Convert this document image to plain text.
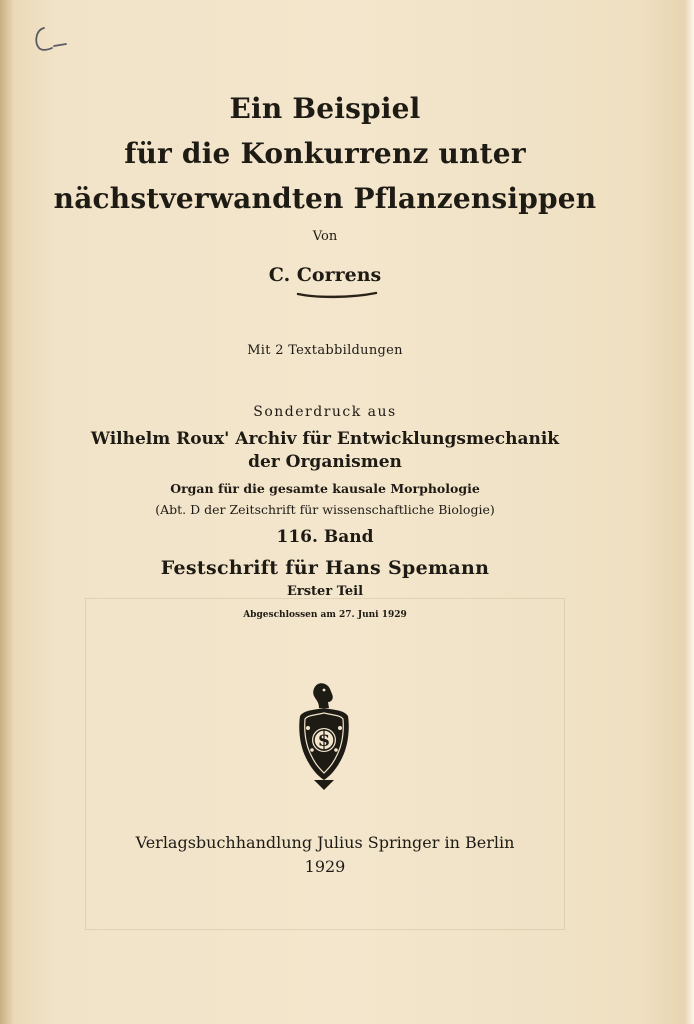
Ein Beispiel
für die Konkurrenz unter
nächstverwandten Pflanzensippen
Von
C. Correns
Mit 2 Textabbildungen
Sonderdruck aus
Wilhelm Roux' Archiv für Entwicklungsmechanik
der Organismen
Organ für die gesamte kausale Morphologie
(Abt. D der Zeitschrift für wissenschaftliche Biologie)
116. Band
Festschrift für Hans Spemann
Erster Teil
Abgeschlossen am 27. Juni 1929
S
Verlagsbuchhandlung Julius Springer in Berlin
1929
